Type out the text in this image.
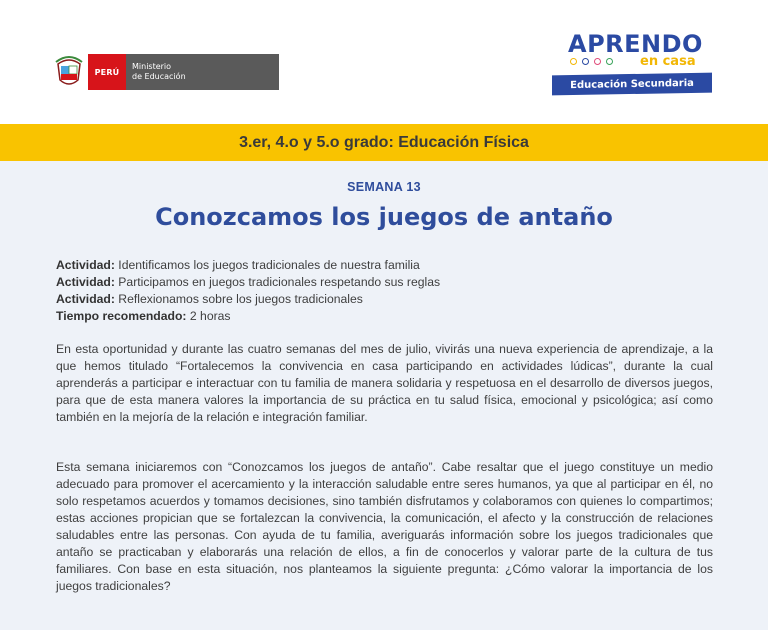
PERÚ
Ministerio
de Educación
APRENDO
en casa
Educación Secundaria
3.er, 4.o y 5.o grado: Educación Física
SEMANA 13
Conozcamos los juegos de antaño
Actividad: Identificamos los juegos tradicionales de nuestra familia
Actividad: Participamos en juegos tradicionales respetando sus reglas
Actividad: Reflexionamos sobre los juegos tradicionales
Tiempo recomendado: 2 horas

En esta oportunidad y durante las cuatro semanas del mes de julio, vivirás una nueva experiencia de aprendizaje, a la que hemos titulado “Fortalecemos la convivencia en casa participando en actividades lúdicas”, durante la cual aprenderás a participar e interactuar con tu familia de manera solidaria y respetuosa en el desarrollo de diversos juegos, para que de esta manera valores la importancia de su práctica en tu salud física, emocional y psicológica; así como también en la mejoría de la relación e integración familiar.

Esta semana iniciaremos con “Conozcamos los juegos de antaño”. Cabe resaltar que el juego constituye un medio adecuado para promover el acercamiento y la interacción saludable entre seres humanos, ya que al participar en él, no solo respetamos acuerdos y tomamos decisiones, sino también disfrutamos y colaboramos con quienes lo compartimos; estas acciones propician que se fortalezcan la convivencia, la comunicación, el afecto y la construcción de relaciones saludables entre las personas. Con ayuda de tu familia, averiguarás información sobre los juegos tradicionales que antaño se practicaban y elaborarás una relación de ellos, a fin de conocerlos y valorar parte de la cultura de tus familiares. Con base en esta situación, nos planteamos la siguiente pregunta: ¿Cómo valorar la importancia de los juegos tradicionales?
